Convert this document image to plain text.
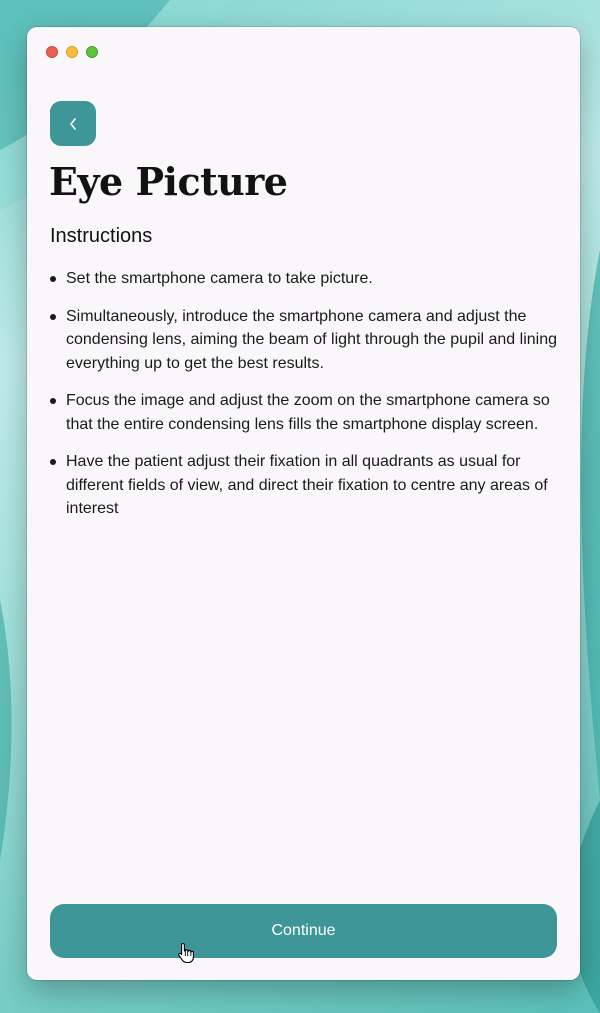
Eye Picture
Instructions
Set the smartphone camera to take picture.
Simultaneously, introduce the smartphone camera and adjust the condensing lens, aiming the beam of light through the pupil and lining everything up to get the best results.
Focus the image and adjust the zoom on the smartphone camera so that the entire condensing lens fills the smartphone display screen.
Have the patient adjust their fixation in all quadrants as usual for different fields of view, and direct their fixation to centre any areas of interest
Continue
